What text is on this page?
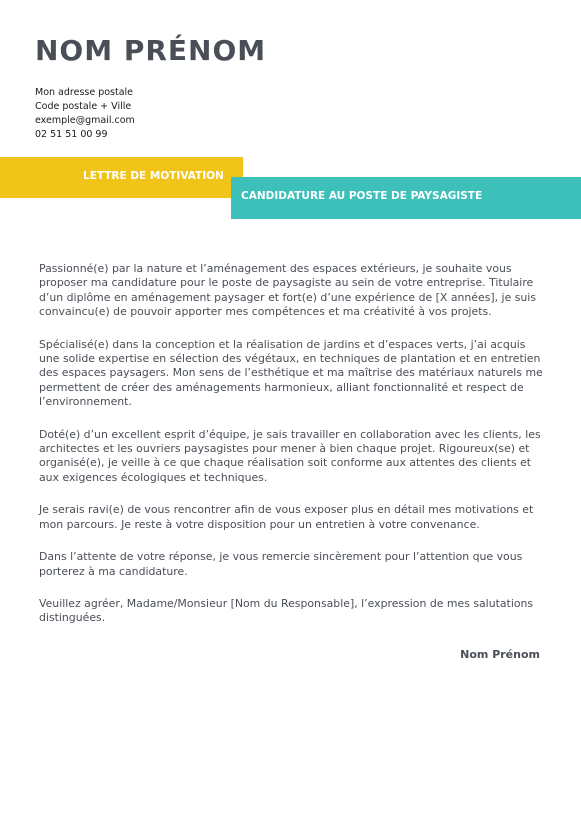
NOM PRÉNOM
Mon adresse postale
Code postale + Ville
exemple@gmail.com
02 51 51 00 99
LETTRE DE MOTIVATION
CANDIDATURE AU POSTE DE PAYSAGISTE

Passionné(e) par la nature et l’aménagement des espaces extérieurs, je souhaite vous proposer ma candidature pour le poste de paysagiste au sein de votre entreprise. Titulaire d’un diplôme en aménagement paysager et fort(e) d’une expérience de [X années], je suis convaincu(e) de pouvoir apporter mes compétences et ma créativité à vos projets.

Spécialisé(e) dans la conception et la réalisation de jardins et d’espaces verts, j’ai acquis une solide expertise en sélection des végétaux, en techniques de plantation et en entretien des espaces paysagers. Mon sens de l’esthétique et ma maîtrise des matériaux naturels me permettent de créer des aménagements harmonieux, alliant fonctionnalité et respect de l’environnement.

Doté(e) d’un excellent esprit d’équipe, je sais travailler en collaboration avec les clients, les architectes et les ouvriers paysagistes pour mener à bien chaque projet. Rigoureux(se) et organisé(e), je veille à ce que chaque réalisation soit conforme aux attentes des clients et aux exigences écologiques et techniques.

Je serais ravi(e) de vous rencontrer afin de vous exposer plus en détail mes motivations et mon parcours. Je reste à votre disposition pour un entretien à votre convenance.

Dans l’attente de votre réponse, je vous remercie sincèrement pour l’attention que vous porterez à ma candidature.

Veuillez agréer, Madame/Monsieur [Nom du Responsable], l’expression de mes salutations distinguées.

Nom Prénom
